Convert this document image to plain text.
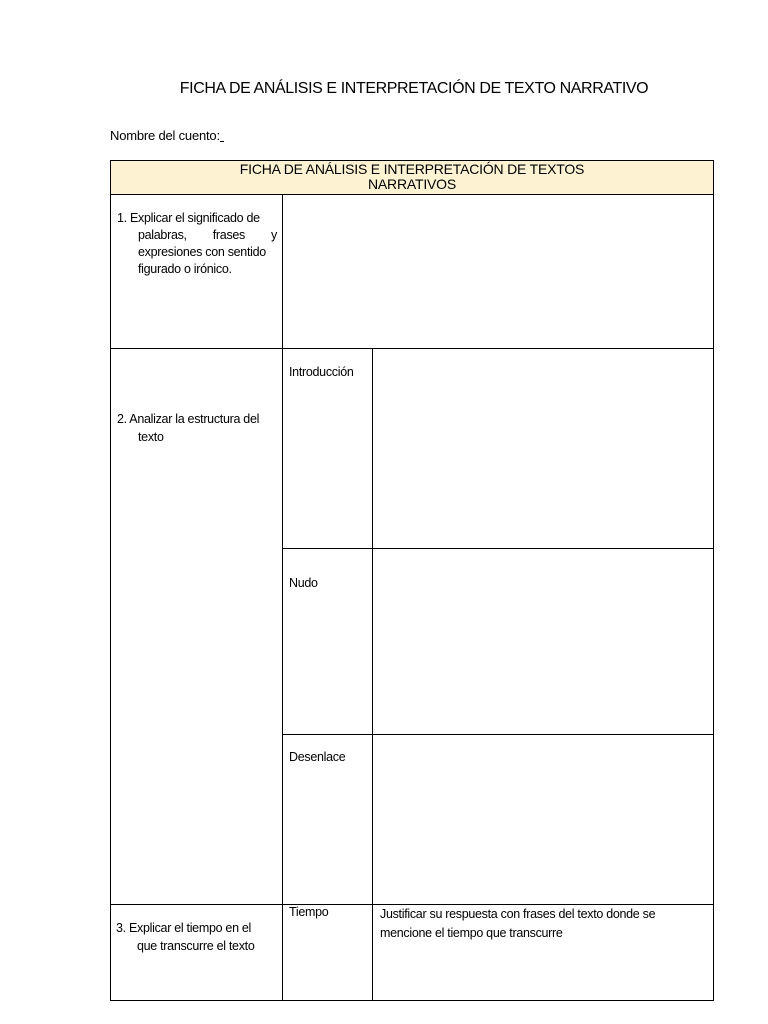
FICHA DE ANÁLISIS E INTERPRETACIÓN DE TEXTO NARRATIVO
Nombre del cuento:
FICHA DE ANÁLISIS E INTERPRETACIÓN DE TEXTOS
NARRATIVOS
1. Explicar el significado de
palabras, frases y
expresiones con sentido
figurado o irónico.
2. Analizar la estructura del
texto
Introducción
Nudo
Desenlace
3. Explicar el tiempo en el
que transcurre el texto
Tiempo	Justificar su respuesta con frases del texto donde se mencione el tiempo que transcurre
